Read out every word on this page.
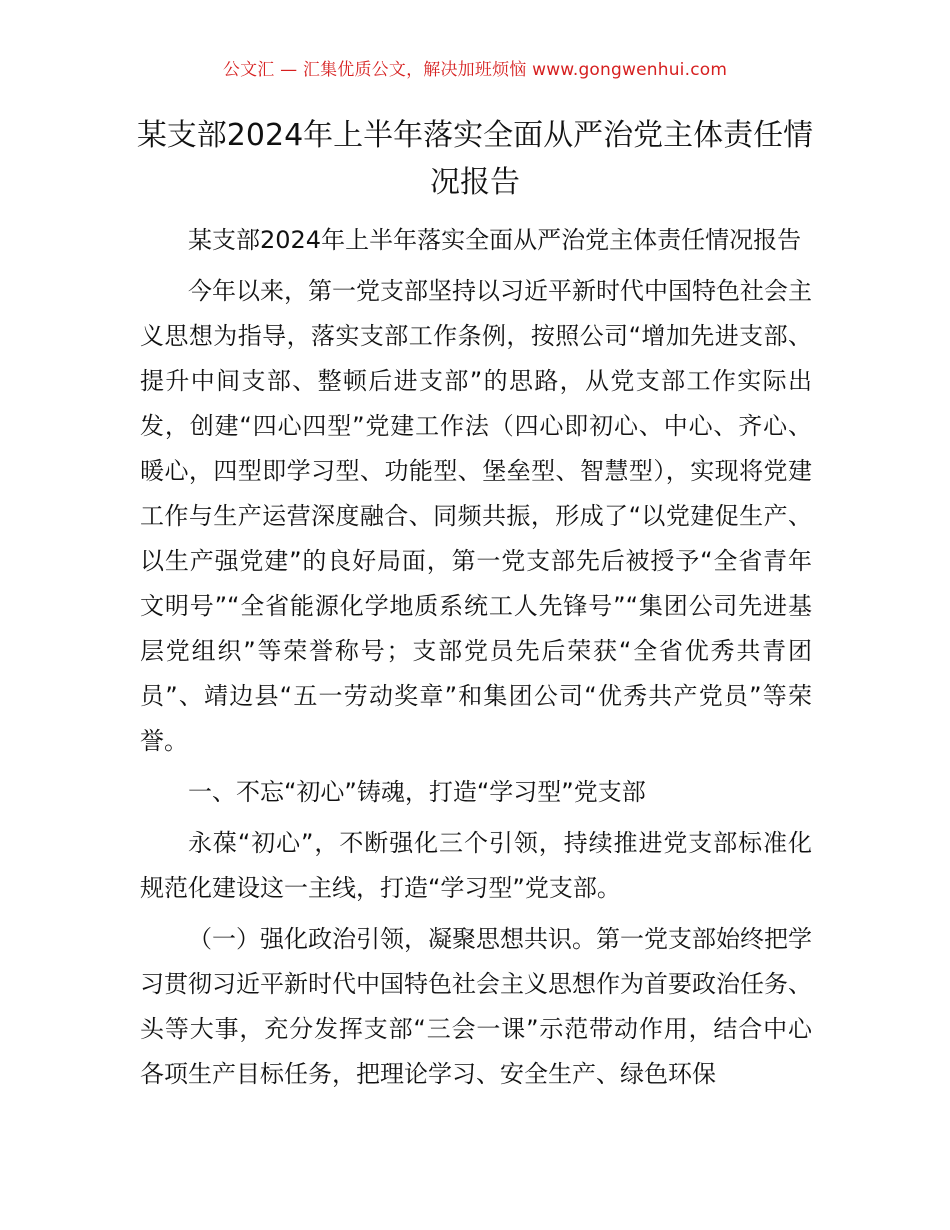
公文汇 — 汇集优质公文，解决加班烦恼 www.gongwenhui.com
某支部2024年上半年落实全面从严治党主体责任情况报告

某支部2024年上半年落实全面从严治党主体责任情况报告

今年以来，第一党支部坚持以习近平新时代中国特色社会主义思想为指导，落实支部工作条例，按照公司“增加先进支部、提升中间支部、整顿后进支部”的思路，从党支部工作实际出发，创建“四心四型”党建工作法（四心即初心、中心、齐心、暖心，四型即学习型、功能型、堡垒型、智慧型），实现将党建工作与生产运营深度融合、同频共振，形成了“以党建促生产、以生产强党建”的良好局面，第一党支部先后被授予“全省青年文明号”“全省能源化学地质系统工人先锋号”“集团公司先进基层党组织”等荣誉称号；支部党员先后荣获“全省优秀共青团员”、靖边县“五一劳动奖章”和集团公司“优秀共产党员”等荣誉。

一、不忘“初心”铸魂，打造“学习型”党支部

永葆“初心”，不断强化三个引领，持续推进党支部标准化规范化建设这一主线，打造“学习型”党支部。

（一）强化政治引领，凝聚思想共识。第一党支部始终把学习贯彻习近平新时代中国特色社会主义思想作为首要政治任务、头等大事，充分发挥支部“三会一课”示范带动作用，结合中心各项生产目标任务，把理论学习、安全生产、绿色环保
